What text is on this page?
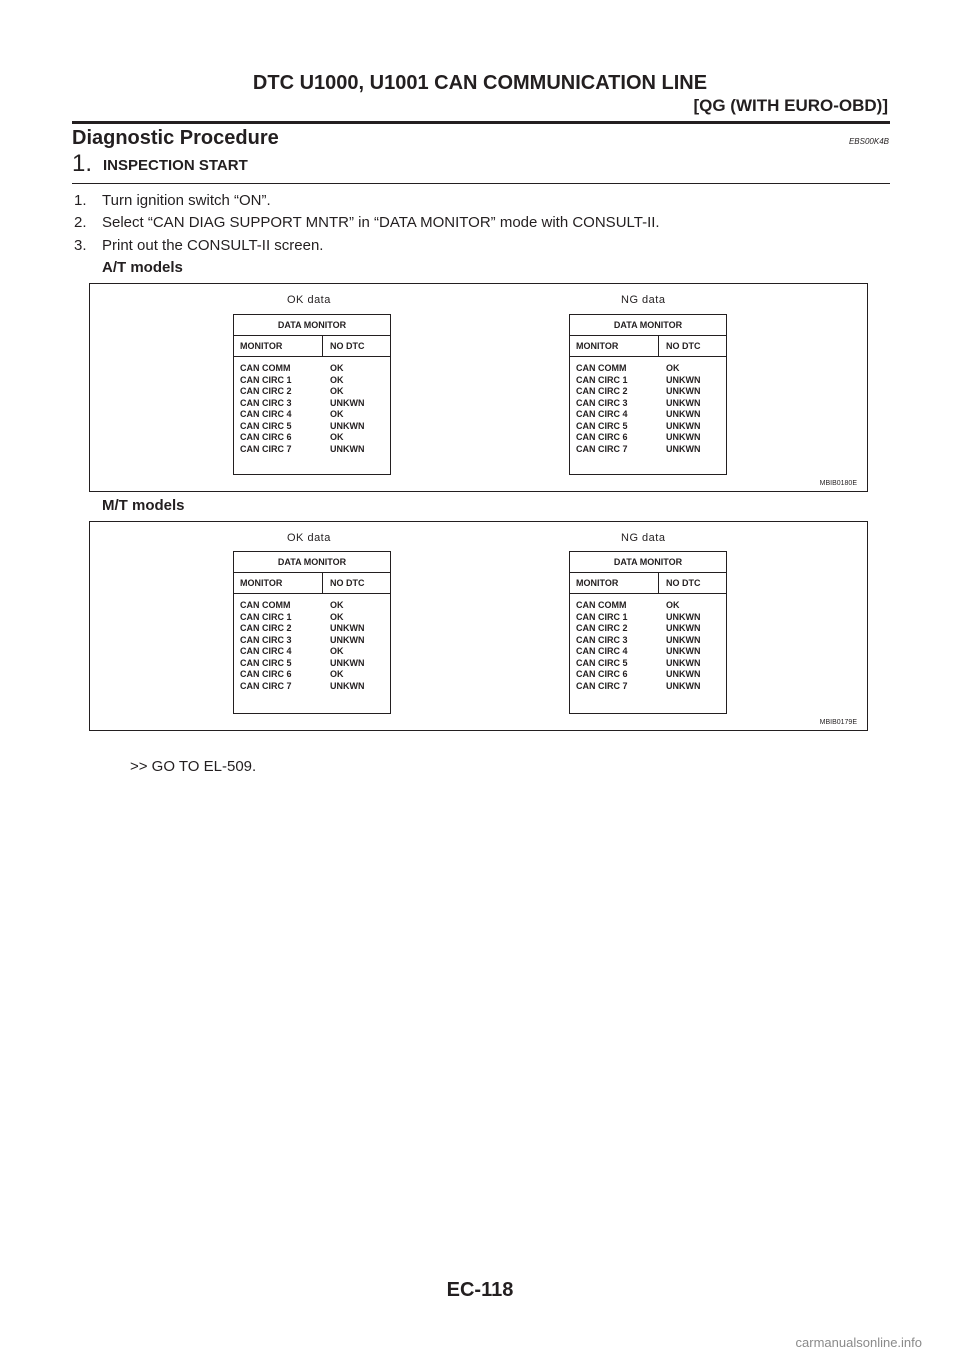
DTC U1000, U1001 CAN COMMUNICATION LINE
[QG (WITH EURO-OBD)]
Diagnostic Procedure	EBS00K4B
1. INSPECTION START
1. Turn ignition switch “ON”.
2. Select “CAN DIAG SUPPORT MNTR” in “DATA MONITOR” mode with CONSULT-II.
3. Print out the CONSULT-II screen.
A/T models
OK data	NG data
DATA MONITOR
MONITOR	NO DTC
CAN COMM	OK
CAN CIRC 1	OK
CAN CIRC 2	OK
CAN CIRC 3	UNKWN
CAN CIRC 4	OK
CAN CIRC 5	UNKWN
CAN CIRC 6	OK
CAN CIRC 7	UNKWN
DATA MONITOR
MONITOR	NO DTC
CAN COMM	OK
CAN CIRC 1	UNKWN
CAN CIRC 2	UNKWN
CAN CIRC 3	UNKWN
CAN CIRC 4	UNKWN
CAN CIRC 5	UNKWN
CAN CIRC 6	UNKWN
CAN CIRC 7	UNKWN
MBIB0180E
M/T models
OK data	NG data
DATA MONITOR
MONITOR	NO DTC
CAN COMM	OK
CAN CIRC 1	OK
CAN CIRC 2	UNKWN
CAN CIRC 3	UNKWN
CAN CIRC 4	OK
CAN CIRC 5	UNKWN
CAN CIRC 6	OK
CAN CIRC 7	UNKWN
DATA MONITOR
MONITOR	NO DTC
CAN COMM	OK
CAN CIRC 1	UNKWN
CAN CIRC 2	UNKWN
CAN CIRC 3	UNKWN
CAN CIRC 4	UNKWN
CAN CIRC 5	UNKWN
CAN CIRC 6	UNKWN
CAN CIRC 7	UNKWN
MBIB0179E
>> GO TO EL-509.
EC-118
carmanualsonline.info
